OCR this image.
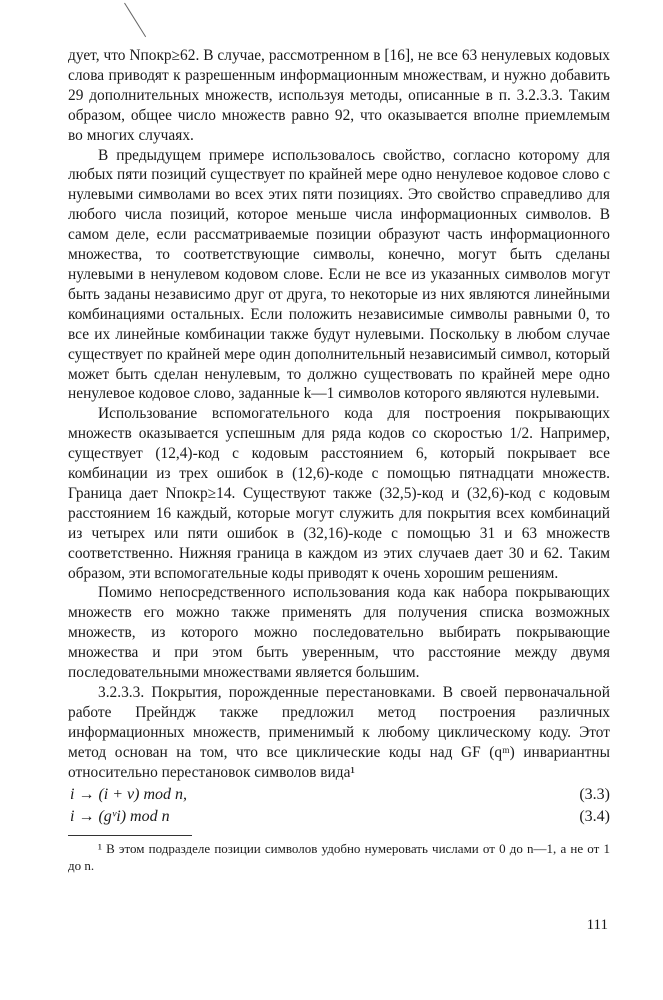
дует, что Nпокр≥62. В случае, рассмотренном в [16], не все 63 ненулевых кодовых слова приводят к разрешенным информационным множествам, и нужно добавить 29 дополнительных множеств, используя методы, описанные в п. 3.2.3.3. Таким образом, общее число множеств равно 92, что оказывается вполне приемлемым во многих случаях.

В предыдущем примере использовалось свойство, согласно которому для любых пяти позиций существует по крайней мере одно ненулевое кодовое слово с нулевыми символами во всех этих пяти позициях. Это свойство справедливо для любого числа позиций, которое меньше числа информационных символов. В самом деле, если рассматриваемые позиции образуют часть информационного множества, то соответствующие символы, конечно, могут быть сделаны нулевыми в ненулевом кодовом слове. Если не все из указанных символов могут быть заданы независимо друг от друга, то некоторые из них являются линейными комбинациями остальных. Если положить независимые символы равными 0, то все их линейные комбинации также будут нулевыми. Поскольку в любом случае существует по крайней мере один дополнительный независимый символ, который может быть сделан ненулевым, то должно существовать по крайней мере одно ненулевое кодовое слово, заданные k—1 символов которого являются нулевыми.

Использование вспомогательного кода для построения покрывающих множеств оказывается успешным для ряда кодов со скоростью 1/2. Например, существует (12,4)-код с кодовым расстоянием 6, который покрывает все комбинации из трех ошибок в (12,6)-коде с помощью пятнадцати множеств. Граница дает Nпокр≥14. Существуют также (32,5)-код и (32,6)-код с кодовым расстоянием 16 каждый, которые могут служить для покрытия всех комбинаций из четырех или пяти ошибок в (32,16)-коде с помощью 31 и 63 множеств соответственно. Нижняя граница в каждом из этих случаев дает 30 и 62. Таким образом, эти вспомогательные коды приводят к очень хорошим решениям.

Помимо непосредственного использования кода как набора покрывающих множеств его можно также применять для получения списка возможных множеств, из которого можно последовательно выбирать покрывающие множества и при этом быть уверенным, что расстояние между двумя последовательными множествами является большим.

3.2.3.3. Покрытия, порожденные перестановками. В своей первоначальной работе Прейндж также предложил метод построения различных информационных множеств, применимый к любому циклическому коду. Этот метод основан на том, что все циклические коды над GF (qᵐ) инвариантны относительно перестановок символов вида¹

i → (i + ν) mod n,	(3.3)
i → (gᵛi) mod n	(3.4)

¹ В этом подразделе позиции символов удобно нумеровать числами от 0 до n—1, а не от 1 до n.

111
